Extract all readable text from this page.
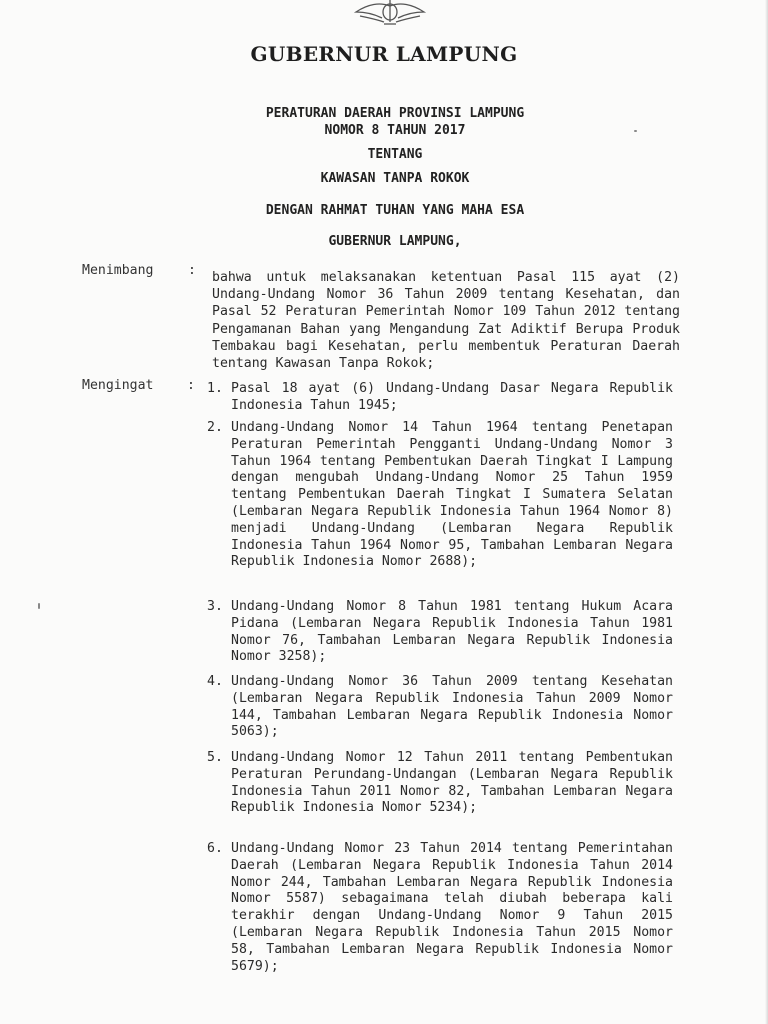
GUBERNUR LAMPUNG
PERATURAN DAERAH PROVINSI LAMPUNG
NOMOR 8 TAHUN 2017
TENTANG
KAWASAN TANPA ROKOK
DENGAN RAHMAT TUHAN YANG MAHA ESA
GUBERNUR LAMPUNG,
Menimbang	: bahwa untuk melaksanakan ketentuan Pasal 115 ayat (2) Undang-Undang Nomor 36 Tahun 2009 tentang Kesehatan, dan Pasal 52 Peraturan Pemerintah Nomor 109 Tahun 2012 tentang Pengamanan Bahan yang Mengandung Zat Adiktif Berupa Produk Tembakau bagi Kesehatan, perlu membentuk Peraturan Daerah tentang Kawasan Tanpa Rokok;
Mengingat	: 1. Pasal 18 ayat (6) Undang-Undang Dasar Negara Republik Indonesia Tahun 1945;
2. Undang-Undang Nomor 14 Tahun 1964 tentang Penetapan Peraturan Pemerintah Pengganti Undang-Undang Nomor 3 Tahun 1964 tentang Pembentukan Daerah Tingkat I Lampung dengan mengubah Undang-Undang Nomor 25 Tahun 1959 tentang Pembentukan Daerah Tingkat I Sumatera Selatan (Lembaran Negara Republik Indonesia Tahun 1964 Nomor 8) menjadi Undang-Undang (Lembaran Negara Republik Indonesia Tahun 1964 Nomor 95, Tambahan Lembaran Negara Republik Indonesia Nomor 2688);
3. Undang-Undang Nomor 8 Tahun 1981 tentang Hukum Acara Pidana (Lembaran Negara Republik Indonesia Tahun 1981 Nomor 76, Tambahan Lembaran Negara Republik Indonesia Nomor 3258);
4. Undang-Undang Nomor 36 Tahun 2009 tentang Kesehatan (Lembaran Negara Republik Indonesia Tahun 2009 Nomor 144, Tambahan Lembaran Negara Republik Indonesia Nomor 5063);
5. Undang-Undang Nomor 12 Tahun 2011 tentang Pembentukan Peraturan Perundang-Undangan (Lembaran Negara Republik Indonesia Tahun 2011 Nomor 82, Tambahan Lembaran Negara Republik Indonesia Nomor 5234);
6. Undang-Undang Nomor 23 Tahun 2014 tentang Pemerintahan Daerah (Lembaran Negara Republik Indonesia Tahun 2014 Nomor 244, Tambahan Lembaran Negara Republik Indonesia Nomor 5587) sebagaimana telah diubah beberapa kali terakhir dengan Undang-Undang Nomor 9 Tahun 2015 (Lembaran Negara Republik Indonesia Tahun 2015 Nomor 58, Tambahan Lembaran Negara Republik Indonesia Nomor 5679);
